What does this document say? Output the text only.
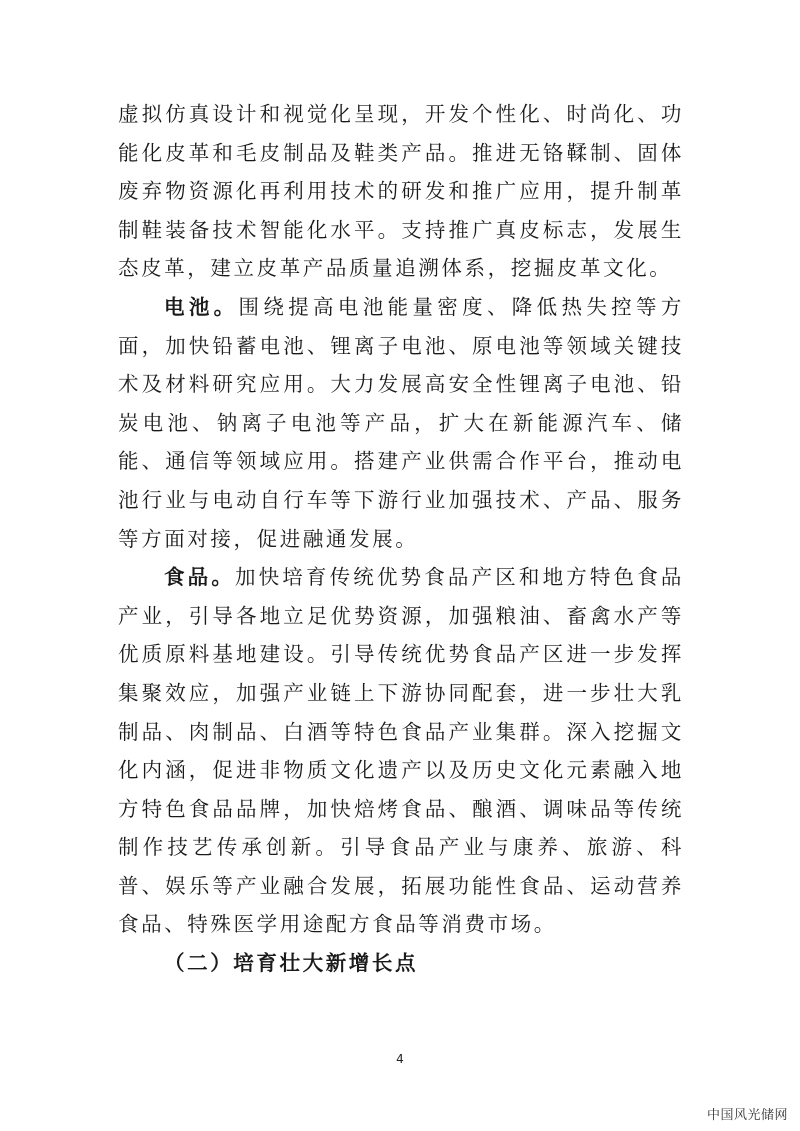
虚拟仿真设计和视觉化呈现，开发个性化、时尚化、功能化皮革和毛皮制品及鞋类产品。推进无铬鞣制、固体废弃物资源化再利用技术的研发和推广应用，提升制革制鞋装备技术智能化水平。支持推广真皮标志，发展生态皮革，建立皮革产品质量追溯体系，挖掘皮革文化。

电池。围绕提高电池能量密度、降低热失控等方面，加快铅蓄电池、锂离子电池、原电池等领域关键技术及材料研究应用。大力发展高安全性锂离子电池、铅炭电池、钠离子电池等产品，扩大在新能源汽车、储能、通信等领域应用。搭建产业供需合作平台，推动电池行业与电动自行车等下游行业加强技术、产品、服务等方面对接，促进融通发展。

食品。加快培育传统优势食品产区和地方特色食品产业，引导各地立足优势资源，加强粮油、畜禽水产等优质原料基地建设。引导传统优势食品产区进一步发挥集聚效应，加强产业链上下游协同配套，进一步壮大乳制品、肉制品、白酒等特色食品产业集群。深入挖掘文化内涵，促进非物质文化遗产以及历史文化元素融入地方特色食品品牌，加快焙烤食品、酿酒、调味品等传统制作技艺传承创新。引导食品产业与康养、旅游、科普、娱乐等产业融合发展，拓展功能性食品、运动营养食品、特殊医学用途配方食品等消费市场。

（二）培育壮大新增长点

4
中国风光储网
